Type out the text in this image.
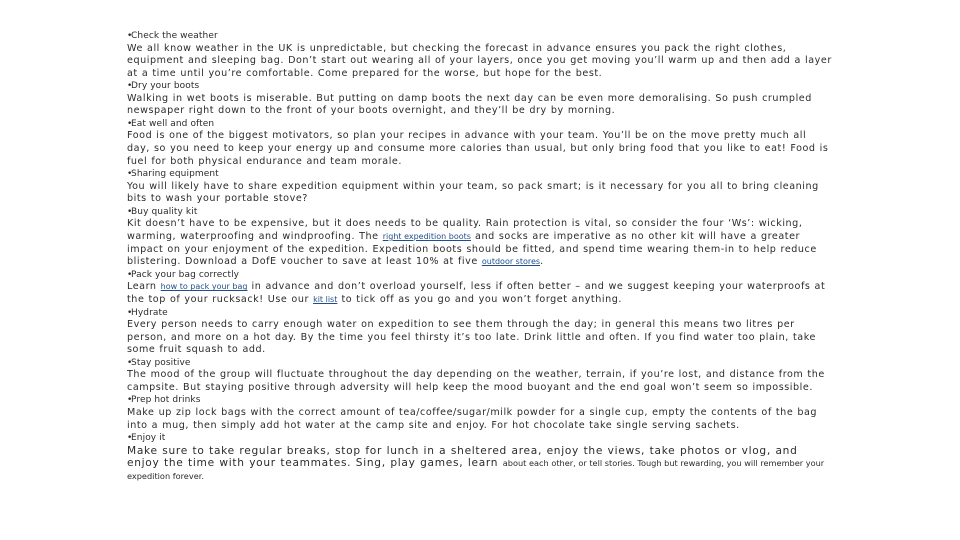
•Check the weather

We all know weather in the UK is unpredictable, but checking the forecast in advance ensures you pack the right clothes, equipment and sleeping bag. Don’t start out wearing all of your layers, once you get moving you’ll warm up and then add a layer at a time until you’re comfortable. Come prepared for the worse, but hope for the best.

•Dry your boots

Walking in wet boots is miserable. But putting on damp boots the next day can be even more demoralising. So push crumpled newspaper right down to the front of your boots overnight, and they’ll be dry by morning.

•Eat well and often

Food is one of the biggest motivators, so plan your recipes in advance with your team. You’ll be on the move pretty much all day, so you need to keep your energy up and consume more calories than usual, but only bring food that you like to eat! Food is fuel for both physical endurance and team morale.

•Sharing equipment

You will likely have to share expedition equipment within your team, so pack smart; is it necessary for you all to bring cleaning bits to wash your portable stove?

•Buy quality kit

Kit doesn’t have to be expensive, but it does needs to be quality. Rain protection is vital, so consider the four ‘Ws’: wicking, warming, waterproofing and windproofing. The right expedition boots and socks are imperative as no other kit will have a greater impact on your enjoyment of the expedition. Expedition boots should be fitted, and spend time wearing them-in to help reduce blistering. Download a DofE voucher to save at least 10% at five outdoor stores.

•Pack your bag correctly

Learn how to pack your bag in advance and don’t overload yourself, less if often better – and we suggest keeping your waterproofs at the top of your rucksack! Use our kit list to tick off as you go and you won’t forget anything.

•Hydrate

Every person needs to carry enough water on expedition to see them through the day; in general this means two litres per person, and more on a hot day. By the time you feel thirsty it’s too late. Drink little and often. If you find water too plain, take some fruit squash to add.

•Stay positive

The mood of the group will fluctuate throughout the day depending on the weather, terrain, if you’re lost, and distance from the campsite. But staying positive through adversity will help keep the mood buoyant and the end goal won’t seem so impossible.

•Prep hot drinks

Make up zip lock bags with the correct amount of tea/coffee/sugar/milk powder for a single cup, empty the contents of the bag into a mug, then simply add hot water at the camp site and enjoy. For hot chocolate take single serving sachets.

•Enjoy it

Make sure to take regular breaks, stop for lunch in a sheltered area, enjoy the views, take photos or vlog, and enjoy the time with your teammates. Sing, play games, learn about each other, or tell stories. Tough but rewarding, you will remember your expedition forever.
